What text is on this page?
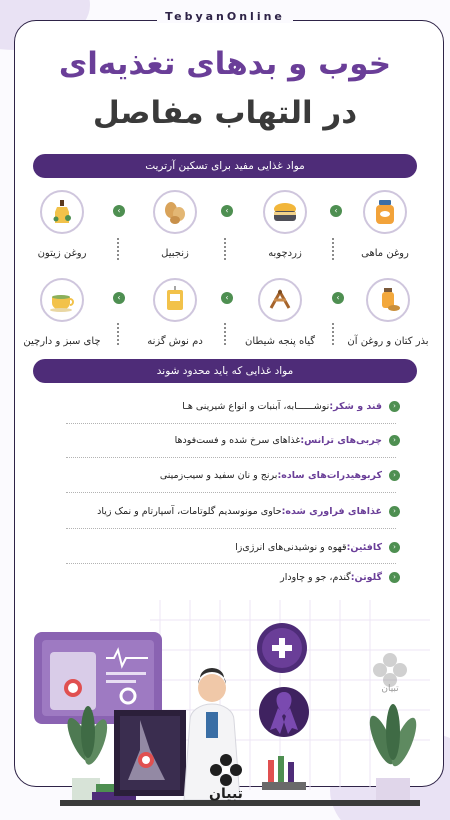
TebyanOnline
خوب و بدهای تغذیه‌ای
در التهاب مفاصل
مواد غذایی مفید برای تسکین آرتریت
روغن ماهی
زردچوبه
زنجبیل
روغن زیتون
‹
‹
‹
بذر کتان و روغن آن
گیاه پنجه شیطان
دم نوش گزنه
چای سبز و دارچین
‹
‹
‹
مواد غذایی که باید محدود شوند
‹
قند و شکر:
نوشــــــابه، آبنبات و انواع شیرینی هـا
‹
چربی‌های ترانس:
غذاهای سرخ شده و فست‌فودها
‹
کربوهیدرات‌های ساده:
برنج و نان سفید و سیب‌زمینی
‹
غذاهای فراوری شده:
حاوی مونوسدیم گلوتامات، آسپارتام و نمک زیاد
‹
کافئین:
قهوه و نوشیدنی‌های انرژی‌زا
‹
گلوتن:
گندم، جو و چاودار
تبیان
تبیان
